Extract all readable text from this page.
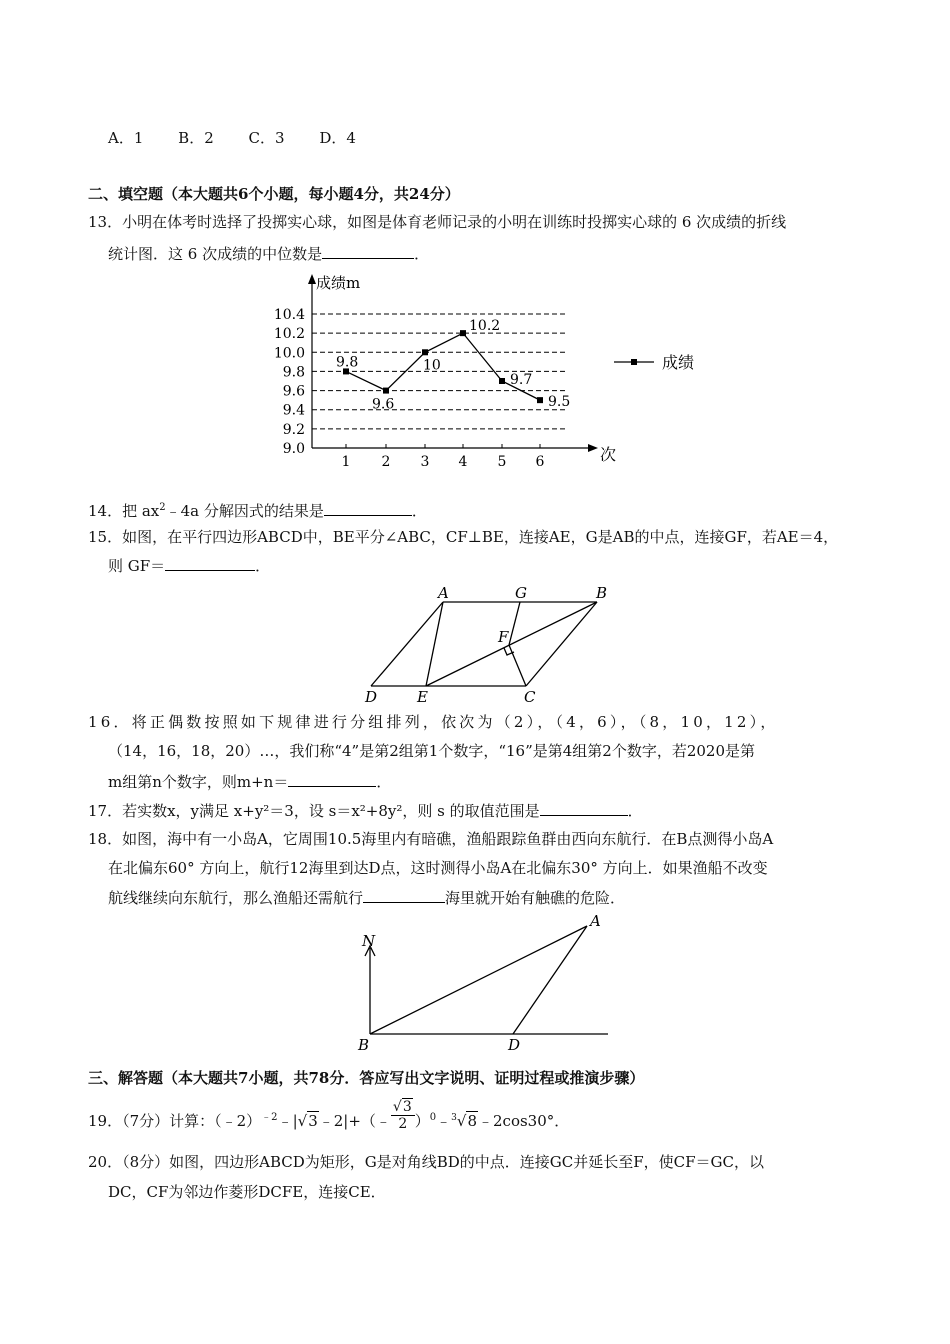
A．1 B．2 C．3 D．4
二、填空题（本大题共6个小题，每小题4分，共24分）
13．小明在体考时选择了投掷实心球，如图是体育老师记录的小明在训练时投掷实心球的 6 次成绩的折线
统计图．这 6 次成绩的中位数是	．
成绩m
次
9.0
9.2
9.4
9.6
9.8
10.0
10.2
10.4
1 2 3 4 5 6
9.8
9.6
10
10.2
9.7
9.5
成绩
14．把 $ax^2﹣4a$ 分解因式的结果是	．
15．如图，在平行四边形ABCD中，BE平分∠ABC，CF⊥BE，连接AE，G是AB的中点，连接GF，若AE＝4，
则 GF＝	．
A	G	B
F
D	E	C
16．将正偶数按照如下规律进行分组排列，依次为（2），（4，6），（8，10，12），
（14，16，18，20）…，我们称“4”是第2组第1个数字，“16”是第4组第2个数字，若2020是第
m组第n个数字，则m+n＝	．
17．若实数x，y满足 x+y²＝3，设 s＝x²+8y²，则 s 的取值范围是	．
18．如图，海中有一小岛A，它周围10.5海里内有暗礁，渔船跟踪鱼群由西向东航行．在B点测得小岛A
在北偏东60° 方向上，航行12海里到达D点，这时测得小岛A在北偏东30° 方向上．如果渔船不改变
航线继续向东航行，那么渔船还需航行	海里就开始有触礁的危险．
N
A
B	D
三、解答题（本大题共7小题，共78分．答应写出文字说明、证明过程或推演步骤）
19．（7分）计算：（﹣2）$^{﹣2}$﹣|√3﹣2|+（﹣ $\frac{√3}{2}$ ）$^0$﹣$^3$√8﹣2cos30°．
20．（8分）如图，四边形ABCD为矩形，G是对角线BD的中点．连接GC并延长至F，使CF＝GC，以
DC，CF为邻边作菱形DCFE，连接CE．
